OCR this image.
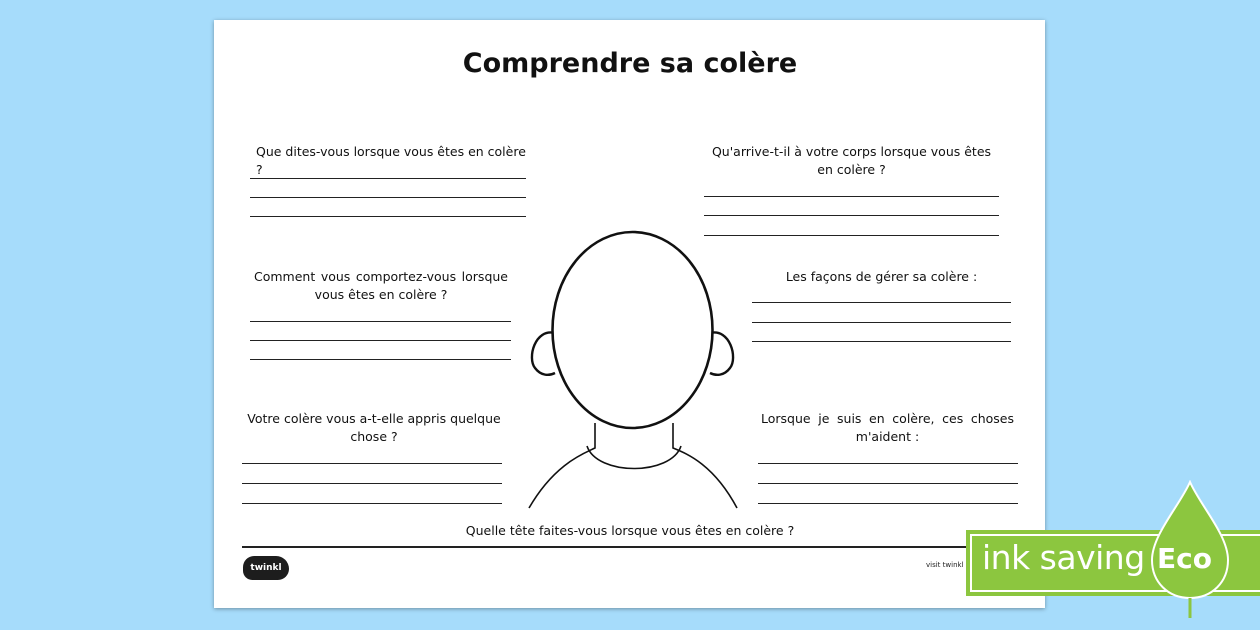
Comprendre sa colère
Que dites-vous lorsque vous êtes en colère ?
Qu'arrive-t-il à votre corps lorsque vous êtes en colère ?
Comment vous comportez-vous lorsque vous êtes en colère ?
Les façons de gérer sa colère :
Votre colère vous a-t-elle appris quelque chose ?
Lorsque je suis en colère, ces choses m'aident :
Quelle tête faites-vous lorsque vous êtes en colère ?
twinkl	visit twinkl ink saving Eco
